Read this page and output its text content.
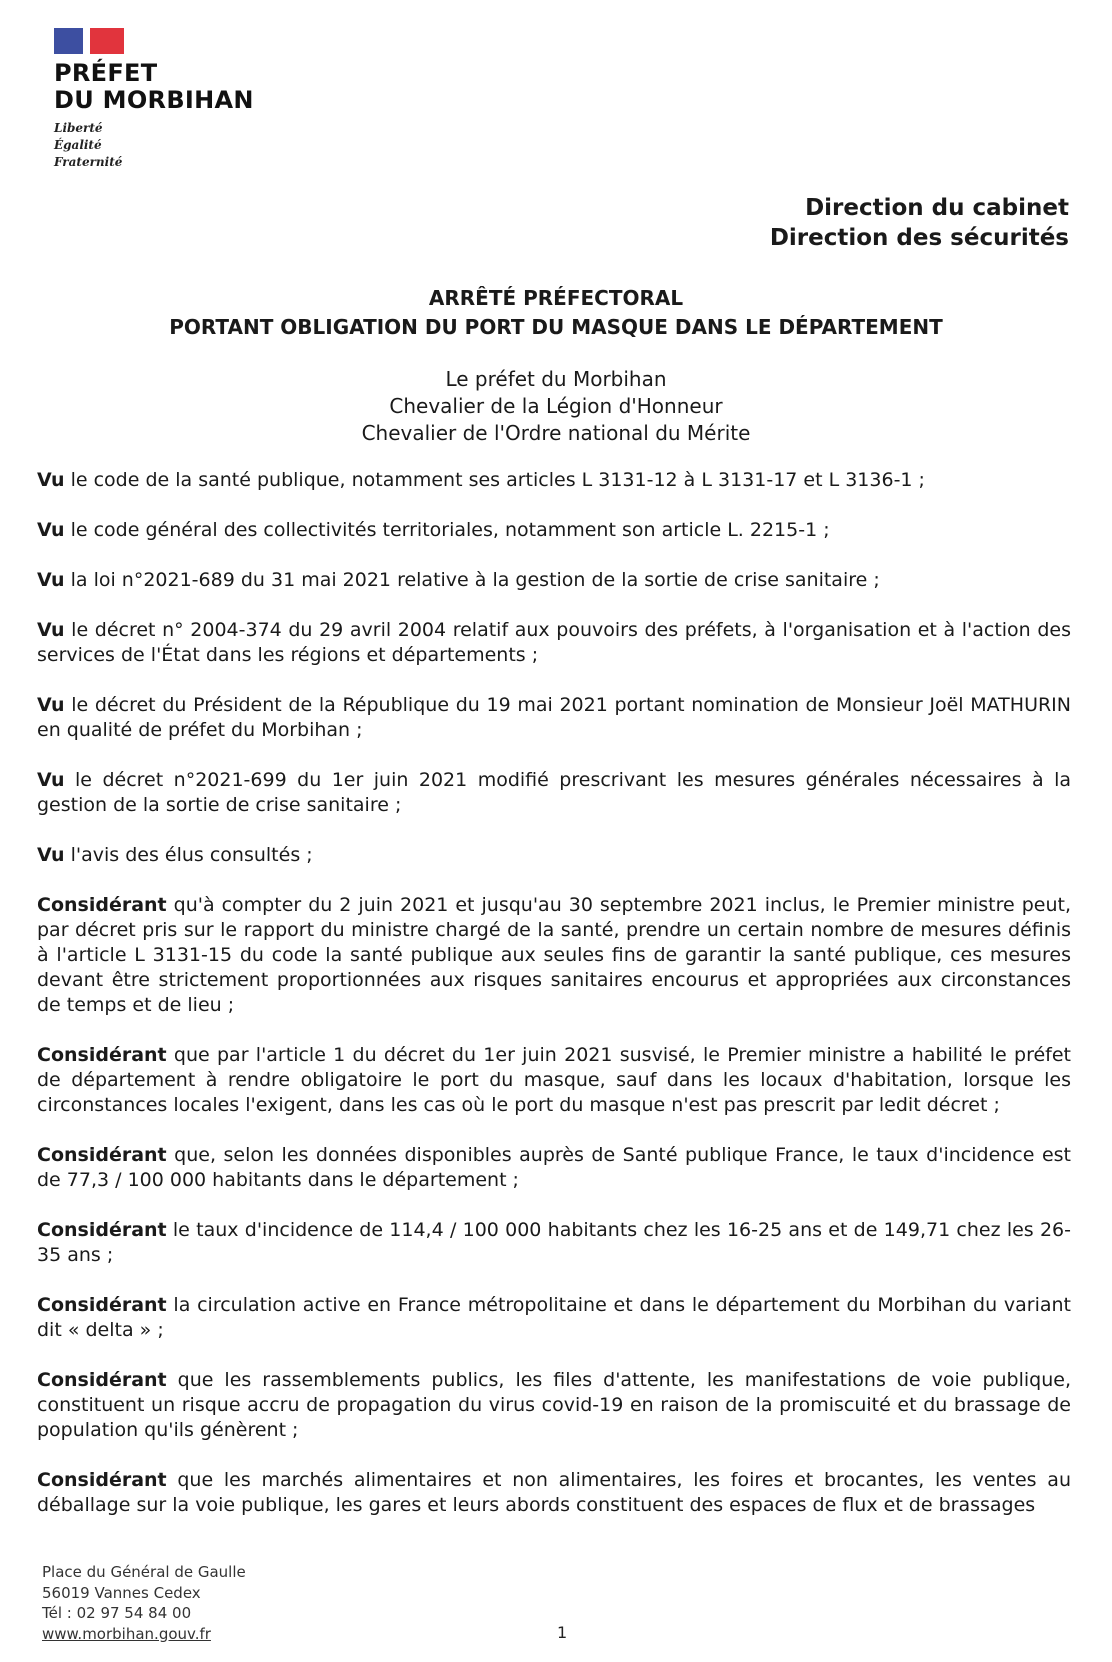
PRÉFET
DU MORBIHAN
Liberté
Égalité
Fraternité
Direction du cabinet
Direction des sécurités
ARRÊTÉ PRÉFECTORAL
PORTANT OBLIGATION DU PORT DU MASQUE DANS LE DÉPARTEMENT
Le préfet du Morbihan
Chevalier de la Légion d'Honneur
Chevalier de l'Ordre national du Mérite

Vu le code de la santé publique, notamment ses articles L 3131-12 à L 3131-17 et L 3136-1 ;

Vu le code général des collectivités territoriales, notamment son article L. 2215-1 ;

Vu la loi n°2021-689 du 31 mai 2021 relative à la gestion de la sortie de crise sanitaire ;

Vu le décret n° 2004-374 du 29 avril 2004 relatif aux pouvoirs des préfets, à l'organisation et à l'action des services de l'État dans les régions et départements ;

Vu le décret du Président de la République du 19 mai 2021 portant nomination de Monsieur Joël MATHURIN en qualité de préfet du Morbihan ;

Vu le décret n°2021-699 du 1er juin 2021 modifié prescrivant les mesures générales nécessaires à la gestion de la sortie de crise sanitaire ;

Vu l'avis des élus consultés ;

Considérant qu'à compter du 2 juin 2021 et jusqu'au 30 septembre 2021 inclus, le Premier ministre peut, par décret pris sur le rapport du ministre chargé de la santé, prendre un certain nombre de mesures définis à l'article L 3131-15 du code la santé publique aux seules fins de garantir la santé publique, ces mesures devant être strictement proportionnées aux risques sanitaires encourus et appropriées aux circonstances de temps et de lieu ;

Considérant que par l'article 1 du décret du 1er juin 2021 susvisé, le Premier ministre a habilité le préfet de département à rendre obligatoire le port du masque, sauf dans les locaux d'habitation, lorsque les circonstances locales l'exigent, dans les cas où le port du masque n'est pas prescrit par ledit décret ;

Considérant que, selon les données disponibles auprès de Santé publique France, le taux d'incidence est de 77,3 / 100 000 habitants dans le département ;

Considérant le taux d'incidence de 114,4 / 100 000 habitants chez les 16-25 ans et de 149,71 chez les 26-35 ans ;

Considérant la circulation active en France métropolitaine et dans le département du Morbihan du variant dit « delta » ;

Considérant que les rassemblements publics, les files d'attente, les manifestations de voie publique, constituent un risque accru de propagation du virus covid-19 en raison de la promiscuité et du brassage de population qu'ils génèrent ;

Considérant que les marchés alimentaires et non alimentaires, les foires et brocantes, les ventes au déballage sur la voie publique, les gares et leurs abords constituent des espaces de flux et de brassages

Place du Général de Gaulle
56019 Vannes Cedex
Tél : 02 97 54 84 00
www.morbihan.gouv.fr	1
